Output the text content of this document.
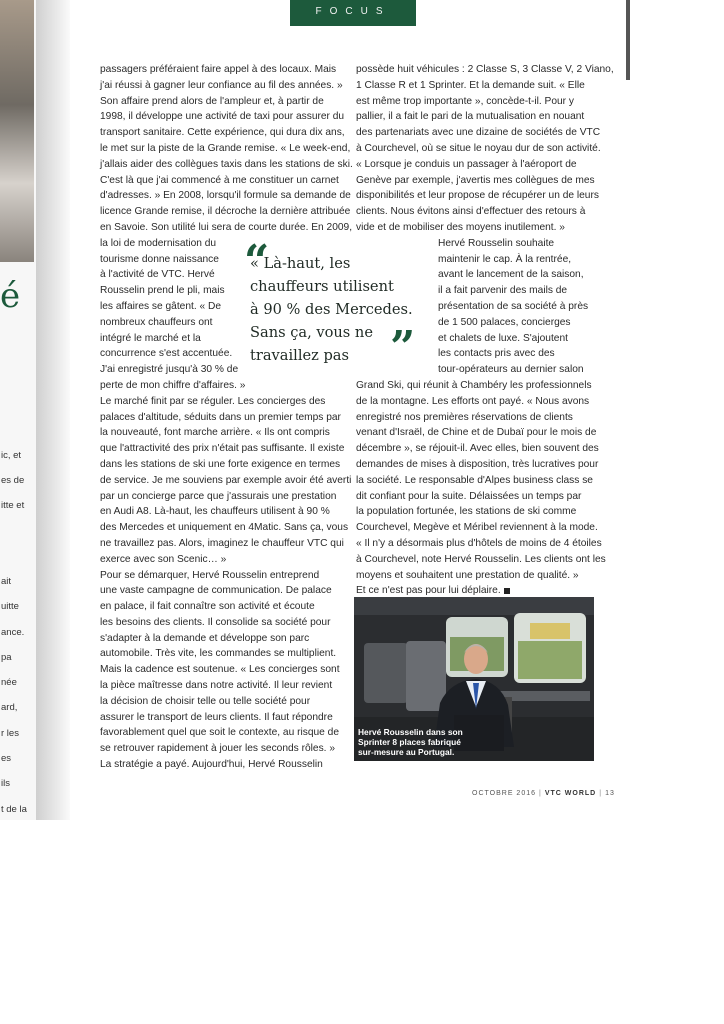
é

ic, et

es de

itte et

ait

uitte

ance.

pa

née

ard,

r les

es

ils

t de la

FOCUS

passagers préféraient faire appel à des locaux. Mais

j'ai réussi à gagner leur confiance au fil des années. »

Son affaire prend alors de l'ampleur et, à partir de

1998, il développe une activité de taxi pour assurer du

transport sanitaire. Cette expérience, qui dura dix ans,

le met sur la piste de la Grande remise. « Le week-end,

j'allais aider des collègues taxis dans les stations de ski.

C'est là que j'ai commencé à me constituer un carnet

d'adresses. » En 2008, lorsqu'il formule sa demande de

licence Grande remise, il décroche la dernière attribuée

en Savoie. Son utilité lui sera de courte durée. En 2009,

la loi de modernisation du

tourisme donne naissance

à l'activité de VTC. Hervé

Rousselin prend le pli, mais

les affaires se gâtent. « De

nombreux chauffeurs ont

intégré le marché et la

concurrence s'est accentuée.

J'ai enregistré jusqu'à 30 % de

perte de mon chiffre d'affaires. »

Le marché finit par se réguler. Les concierges des

palaces d'altitude, séduits dans un premier temps par

la nouveauté, font marche arrière. « Ils ont compris

que l'attractivité des prix n'était pas suffisante. Il existe

dans les stations de ski une forte exigence en termes

de service. Je me souviens par exemple avoir été averti

par un concierge parce que j'assurais une prestation

en Audi A8. Là-haut, les chauffeurs utilisent à 90 %

des Mercedes et uniquement en 4Matic. Sans ça, vous

ne travaillez pas. Alors, imaginez le chauffeur VTC qui

exerce avec son Scenic… »

Pour se démarquer, Hervé Rousselin entreprend

une vaste campagne de communication. De palace

en palace, il fait connaître son activité et écoute

les besoins des clients. Il consolide sa société pour

s'adapter à la demande et développe son parc

automobile. Très vite, les commandes se multiplient.

Mais la cadence est soutenue. « Les concierges sont

la pièce maîtresse dans notre activité. Il leur revient

la décision de choisir telle ou telle société pour

assurer le transport de leurs clients. Il faut répondre

favorablement quel que soit le contexte, au risque de

se retrouver rapidement à jouer les seconds rôles. »

La stratégie a payé. Aujourd'hui, Hervé Rousselin

“

« Là-haut, les

chauffeurs utilisent

à 90 % des Mercedes.

Sans ça, vous ne

travaillez pas ”

possède huit véhicules : 2 Classe S, 3 Classe V, 2 Viano,

1 Classe R et 1 Sprinter. Et la demande suit. « Elle

est même trop importante », concède-t-il. Pour y

pallier, il a fait le pari de la mutualisation en nouant

des partenariats avec une dizaine de sociétés de VTC

à Courchevel, où se situe le noyau dur de son activité.

« Lorsque je conduis un passager à l'aéroport de

Genève par exemple, j'avertis mes collègues de mes

disponibilités et leur propose de récupérer un de leurs

clients. Nous évitons ainsi d'effectuer des retours à

vide et de mobiliser des moyens inutilement. »

Hervé Rousselin souhaite

maintenir le cap. À la rentrée,

avant le lancement de la saison,

il a fait parvenir des mails de

présentation de sa société à près

de 1 500 palaces, concierges

et chalets de luxe. S'ajoutent

les contacts pris avec des

tour-opérateurs au dernier salon

Grand Ski, qui réunit à Chambéry les professionnels

de la montagne. Les efforts ont payé. « Nous avons

enregistré nos premières réservations de clients

venant d'Israël, de Chine et de Dubaï pour le mois de

décembre », se réjouit-il. Avec elles, bien souvent des

demandes de mises à disposition, très lucratives pour

la société. Le responsable d'Alpes business class se

dit confiant pour la suite. Délaissées un temps par

la population fortunée, les stations de ski comme

Courchevel, Megève et Méribel reviennent à la mode.

« Il n'y a désormais plus d'hôtels de moins de 4 étoiles

à Courchevel, note Hervé Rousselin. Les clients ont les

moyens et souhaitent une prestation de qualité. »

Et ce n'est pas pour lui déplaire.

Hervé Rousselin dans son

Sprinter 8 places fabriqué

sur-mesure au Portugal.

OCTOBRE 2016 | VTC WORLD | 13
